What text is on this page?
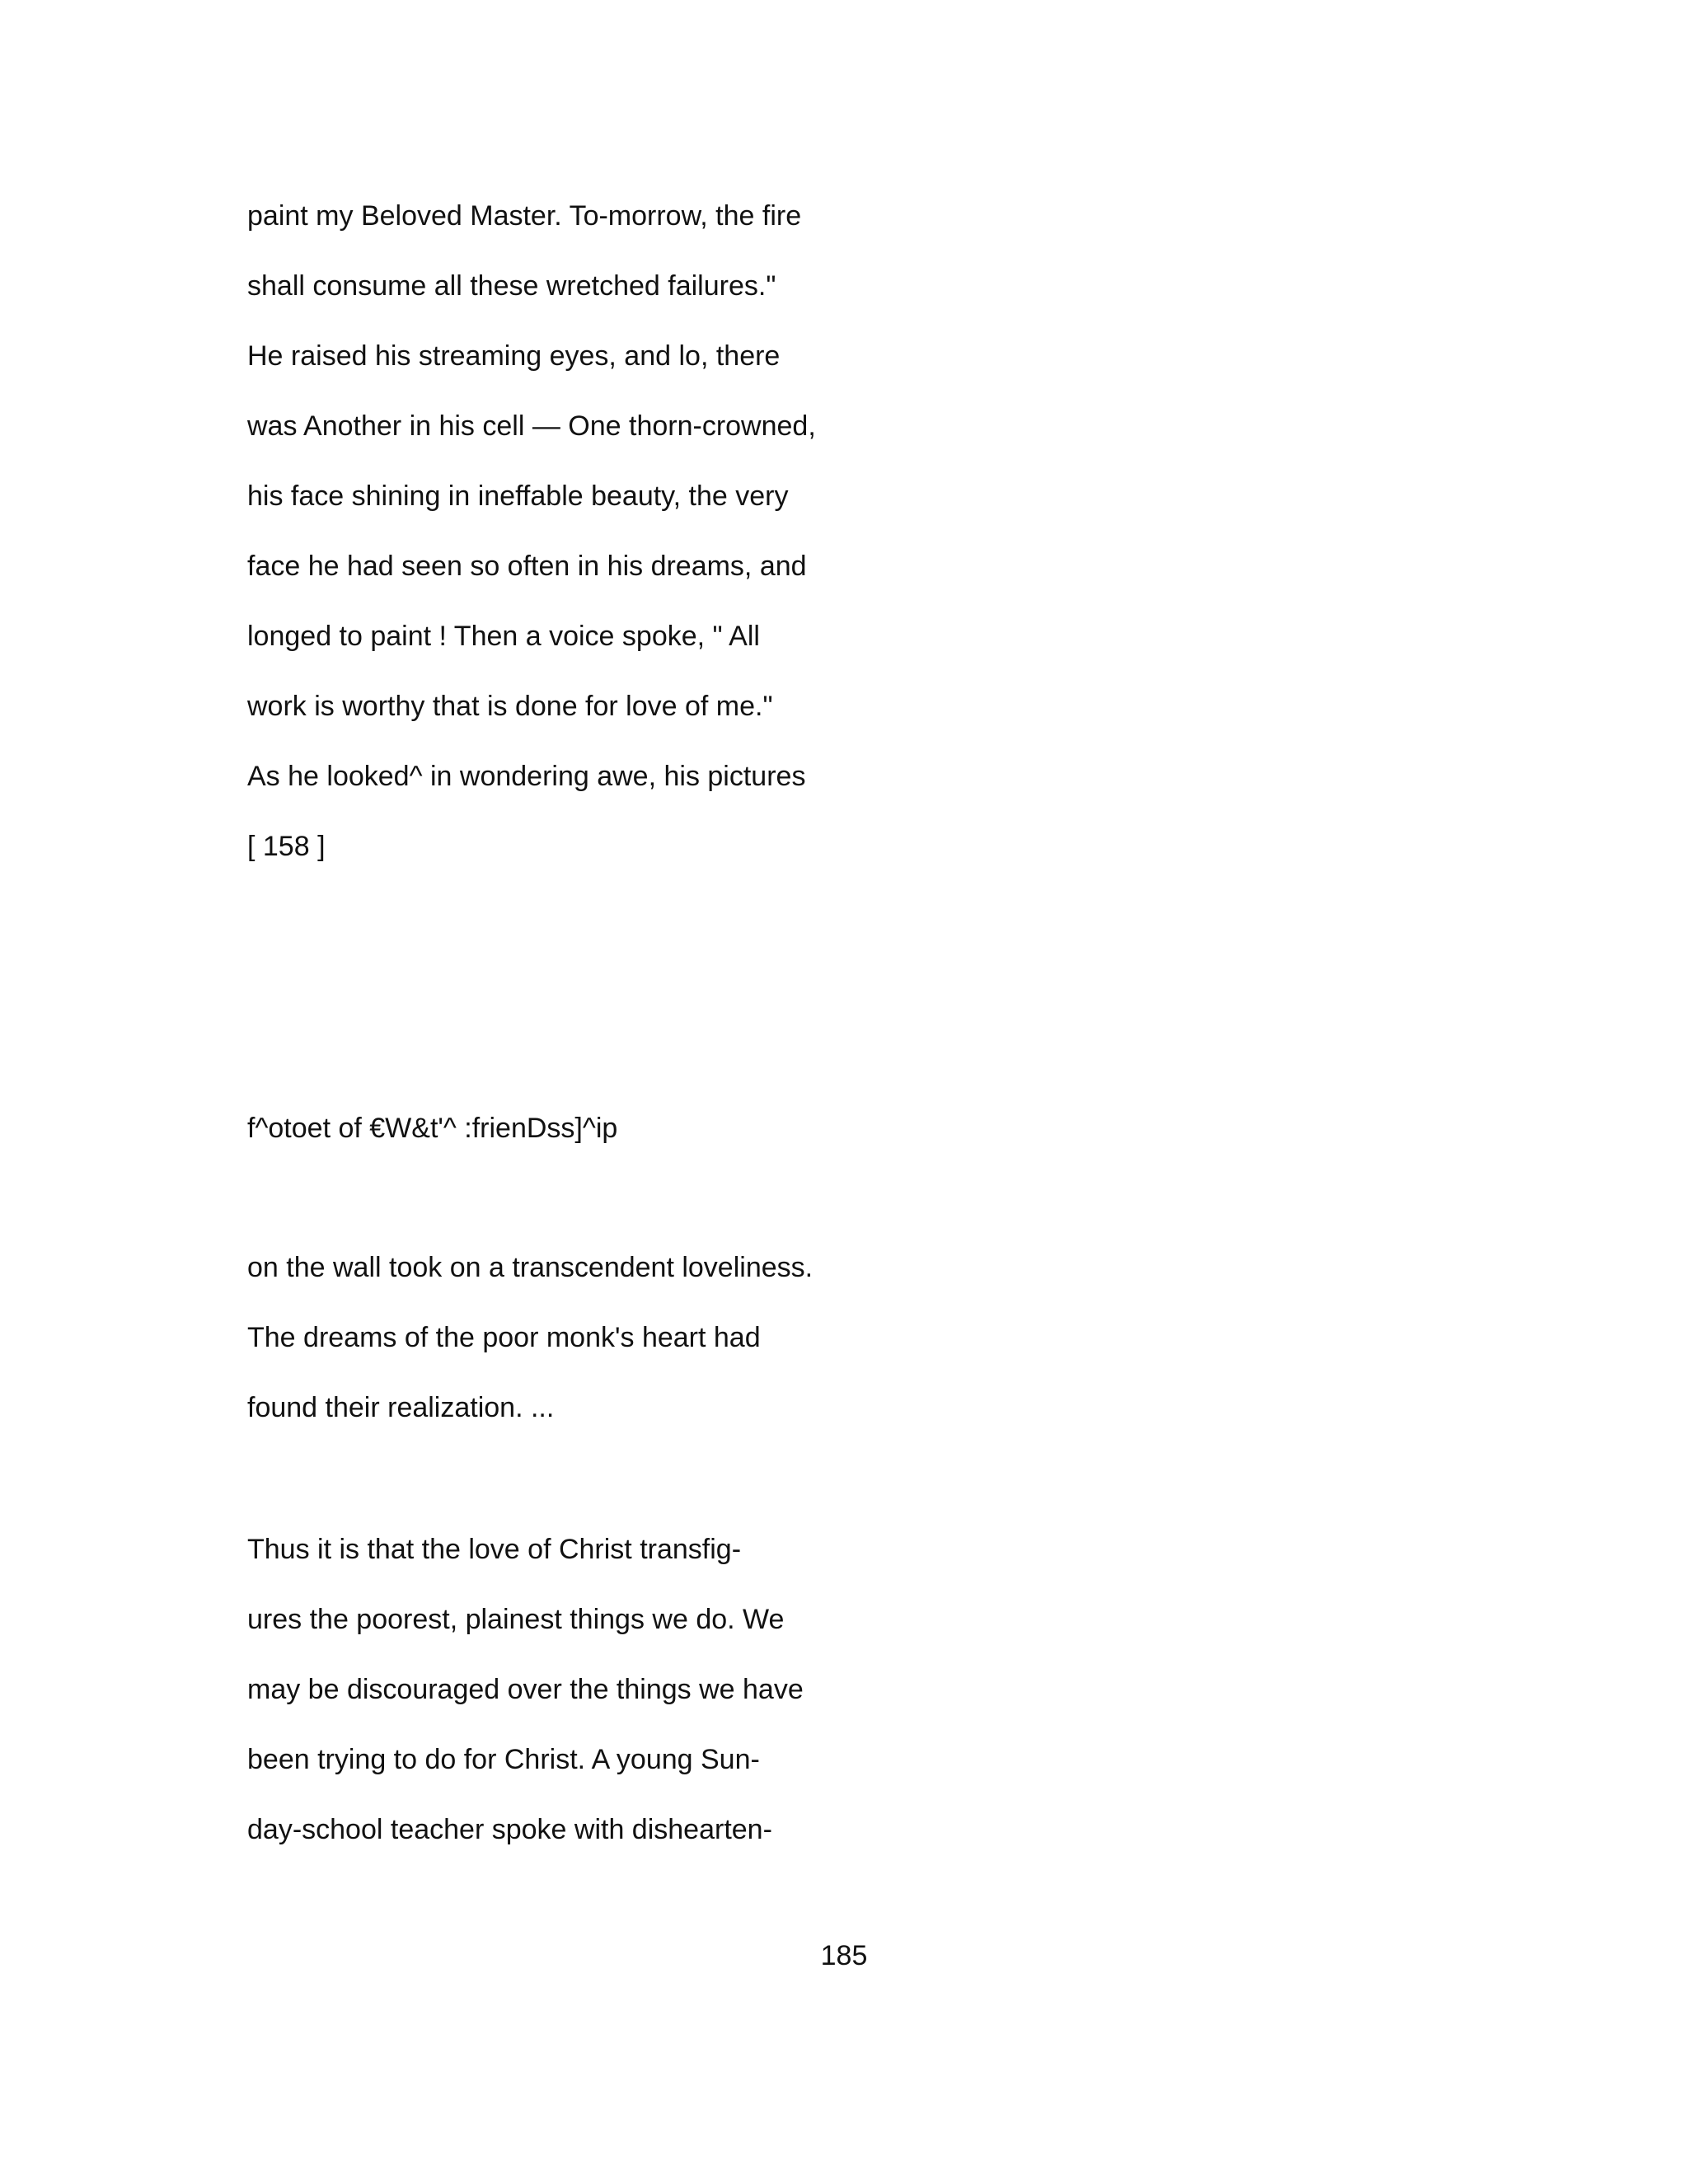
paint my Beloved Master. To-morrow, the fire
shall consume all these wretched failures."
He raised his streaming eyes, and lo, there
was Another in his cell — One thorn-crowned,
his face shining in ineffable beauty, the very
face he had seen so often in his dreams, and
longed to paint ! Then a voice spoke, " All
work is worthy that is done for love of me."
As he looked^ in wondering awe, his pictures
[ 158 ]
f^otoet of €W&t'^ :frienDss]^ip
on the wall took on a transcendent loveliness.
The dreams of the poor monk's heart had
found their realization. ...
Thus it is that the love of Christ transfig-
ures the poorest, plainest things we do. We
may be discouraged over the things we have
been trying to do for Christ. A young Sun-
day-school teacher spoke with dishearten-
185
